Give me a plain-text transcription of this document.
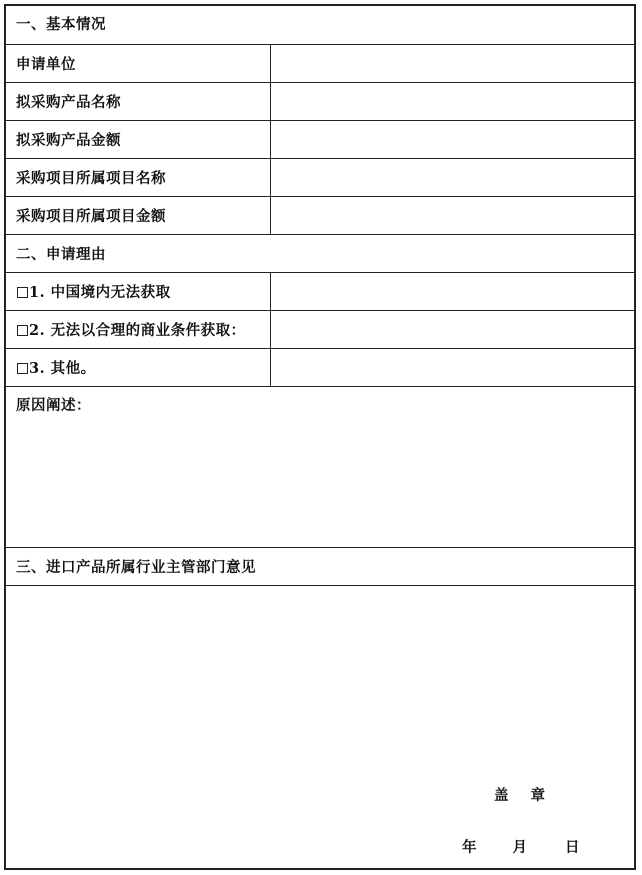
一、基本情况
申请单位
拟采购产品名称
拟采购产品金额
采购项目所属项目名称
采购项目所属项目金额
二、申请理由
1. 中国境内无法获取
2. 无法以合理的商业条件获取：
3. 其他。
原因阐述：
三、进口产品所属行业主管部门意见
盖 章
年 月	日
